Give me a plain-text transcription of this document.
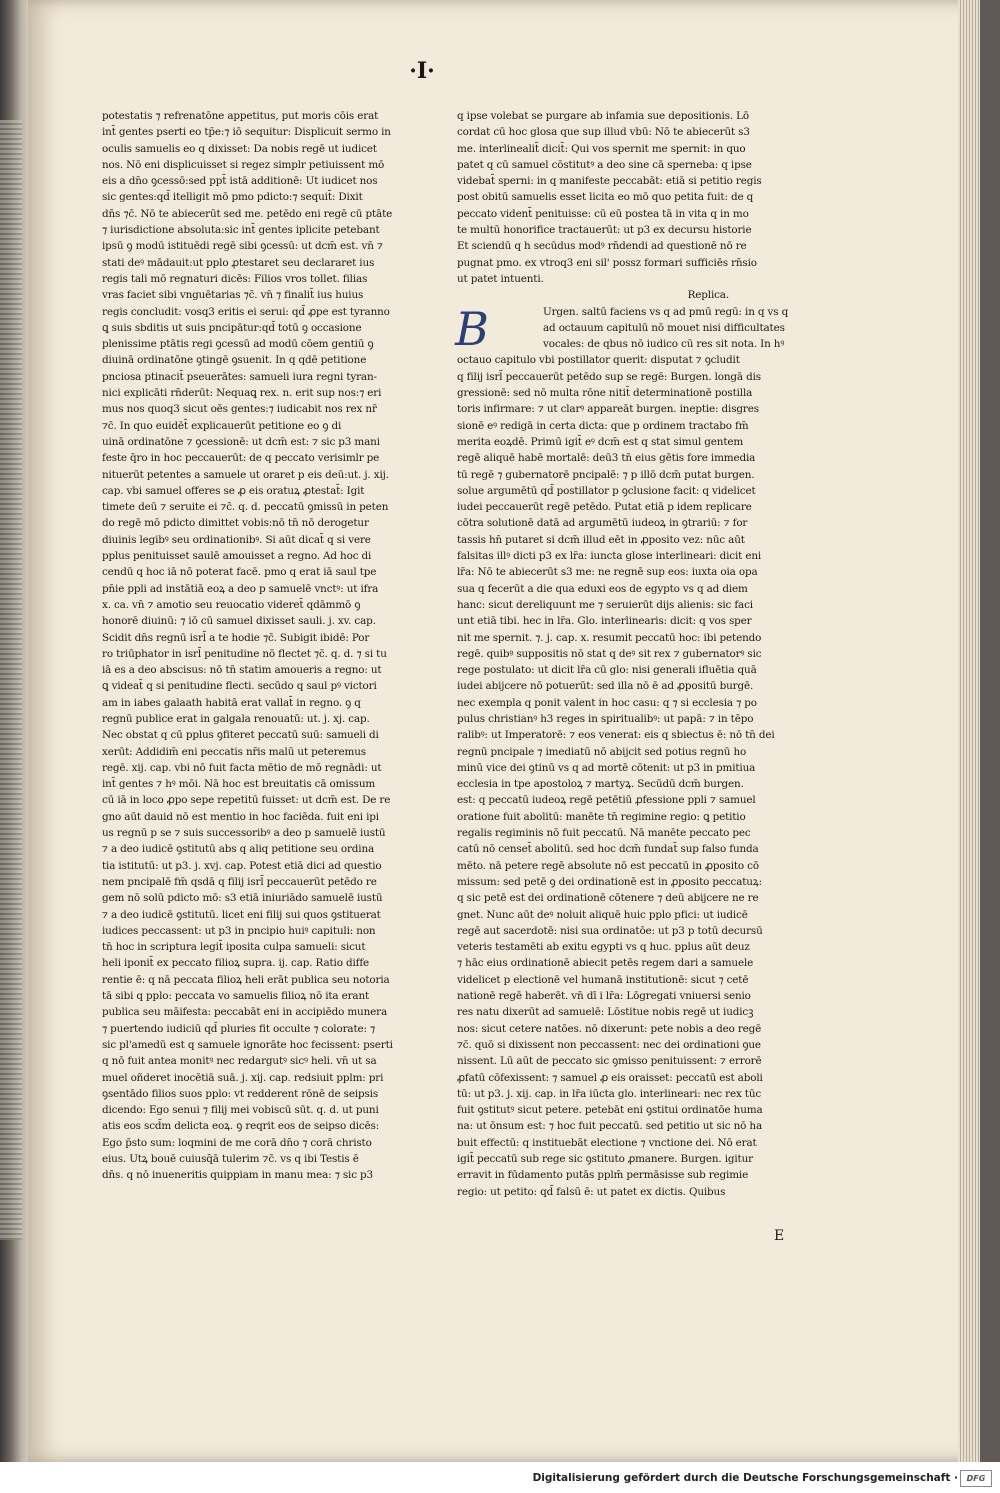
·I·
potestatis ⁊ refrenatōne appetitus, put moris cōis erat
int̄ gentes pserti eo tp̄e:⁊ iō sequitur: Displicuit sermo in
oculis samuelis eo q dixisset: Da nobis regē ut iudicet
nos. Nō eni displicuisset si regez simplr petiuissent mō
eis a dn̄o ꝯcessō:sed ppt̄ istā additionē: Ut iudicet nos
sic gentes:qd̄ itelligit mō pmo pdicto:⁊ sequit̄: Dixit
dn̄s ⁊c̄. Nō te abiecerūt sed me. petēdo eni regē cū ptāte
⁊ iurisdictione absoluta:sic int̄ gentes iplicite petebant
ipsū ꝯ modū istituēdi regē sibi ꝯcessū: ut dcm̄ est. vn̄ ⁊
stati deꝰ mādauit:ut pplo ꝓtestaret seu declararet ius
regis tali mō regnaturi dicēs: Filios vros tollet. filias
vras faciet sibi vnguētarias ⁊c̄. vn̄ ⁊ finalit̄ ius huius
regis concludit: vosq3 eritis ei serui: qd̄ ꝓpe est tyranno
ꝗ suis sbditis ut suis pncipātur:qd̄ totū ꝯ occasione
plenissime ptātis regi ꝯcessū ad modū cōem gentiū ꝯ
diuinā ordinatōne ꝯtingē ꝯsuenit. In q qdē petitione
pnciosa ptinacit̄ pseuerātes: samueli iura regni tyran-
nici explicāti rn̄derūt: Nequaꝗ rex. n. erit sup nos:⁊ eri
mus nos quoq3 sicut oēs gentes:⁊ iudicabit nos rex nr̄
⁊c̄. In quo euidēt̄ explicauerūt petitione eo ꝯ di
uinā ordinatōne ⁊ ꝯcessionē: ut dcm̄ est: ⁊ sic p3 mani
feste q̄ro in hoc peccauerūt: de q peccato verisimlr pe
nituerūt petentes a samuele ut oraret p eis deū:ut. j. xij.
cap. vbi samuel offeres se ꝓ eis oratuꝝ ꝓtestat̄: Igit
timete deū ⁊ seruite ei ⁊c̄. q. d. peccatū ꝯmissū in peten
do regē mō pdicto dimittet vobis:nō tn̄ nō derogetur
diuinis legibꝰ seu ordinationibꝰ. Si aūt dicat̄ q si vere
pplus penituisset saulē amouisset a regno. Ad hoc di
cendū q hoc iā nō poterat facē. pmo q erat iā saul tpe
pn̄ie ppli ad instātiā eoꝝ a deo p samuelē vnctꝰ: ut ifra
x. ca. vn̄ ⁊ amotio seu reuocatio videret̄ qdāmmō ꝯ
honorē diuinū: ⁊ iō cū samuel dixisset sauli. j. xv. cap.
Scidit dn̄s regnū isrl̄ a te hodie ⁊c̄. Subigit ibidē: Por
ro triūphator in isrl̄ penitudine nō flectet ⁊c̄. q. d. ⁊ si tu
iā es a deo abscisus: nō tn̄ statim amoueris a regno: ut
ꝗ videat̄ q si penitudine flecti. secūdo q saul pꝰ victori
am in iabes galaath habitā erat vallat̄ in regno. ꝯ q
regnū publice erat in galgala renouatū: ut. j. xj. cap.
Nec obstat q cū pplus ꝯfiteret peccatū suū: samueli di
xerūt: Addidim̄ eni peccatis nr̄is malū ut peteremus
regē. xij. cap. vbi nō fuit facta mētio de mō regnādi: ut
int̄ gentes ⁊ hꝰ mōi. Nā hoc est breuitatis cā omissum
cū iā in loco ꝓpo sepe repetitū fuisset: ut dcm̄ est. De re
gno aūt dauid nō est mentio in hoc faciēda. fuit eni ipi
us regnū p se ⁊ suis successoribꝰ a deo p samuelē iustū
⁊ a deo iudicē ꝯstitutū abs q aliq petitione seu ordina
tia istitutū: ut p3. j. xvj. cap. Potest etiā dici ad questio
nem pncipalē fm̄ qsdā q filij isrl̄ peccauerūt petēdo re
gem nō solū pdicto mō: s3 etiā iniuriādo samuelē iustū
⁊ a deo iudicē ꝯstitutū. licet eni filij sui quos ꝯstituerat
iudices peccassent: ut p3 in pncipio huiꝰ capituli: non
tn̄ hoc in scriptura legit̄ iposita culpa samueli: sicut
heli iponit̄ ex peccato filioꝝ supra. ij. cap. Ratio diffe
rentie ē: q nā peccata filioꝝ heli erāt publica seu notoria
tā sibi q pplo: peccata vo samuelis filioꝝ nō ita erant
publica seu māifesta: peccabāt eni in accipiēdo munera
⁊ puertendo iudiciū qd̄ pluries fit occulte ⁊ colorate: ⁊
sic pl'amedū est q samuele ignorāte hoc fecissent: pserti
q nō fuit antea monitꝰ nec redargutꝰ sicꝰ heli. vn̄ ut sa
muel oñderet inocētiā suā. j. xij. cap. redsiuit pplm: pri
ꝯsentādo filios suos pplo: vt redderent rōnē de seipsis
dicendo: Ego senui ⁊ filij mei vobiscū sūt. q. d. ut puni
atis eos scd̄m delicta eoꝝ. ꝯ reqrit eos de seipso dicēs:
Ego p̄sto sum: loqmini de me corā dn̄o ⁊ corā christo
eius. Utꝝ bouē cuiusq̄ā tulerim ⁊c̄. vs q ibi Testis ē
dn̄s. q nō inueneritis quippiam in manu mea: ⁊ sic p3
q ipse volebat se purgare ab infamia sue depositionis. Lō
cordat cū hoc glosa que sup illud vbū: Nō te abiecerūt s3
me. interlinealit̄ dicit̄: Qui vos spernit me spernit: in quo
patet q cū samuel cōstitutꝰ a deo sine cā sperneba: q ipse
videbat̄ sperni: in q manifeste peccabāt: etiā si petitio regis
post obitū samuelis esset licita eo mō quo petita fuit: de q
peccato vident̄ penituisse: cū eū postea tā in vita q in mo
te multū honorifice tractauerūt: ut p3 ex decursu historie
Et sciendū q h secūdus modꝰ rn̄dendi ad questionē nō re
pugnat pmo. ex vtroq3 eni sil' possz formari sufficiēs rn̄sio
ut patet intuenti.
Replica.
B	Urgen. saltū faciens vs q ad pmū regū: in q vs q
ad octauum capitulū nō mouet nisi difficultates
vocales: de qbus nō iudico cū res sit nota. In hꝰ
octauo capitulo vbi postillator querit: disputat ⁊ ꝯcludit
q filij isrl̄ peccauerūt petēdo sup se regē: Burgen. longā dis
gressionē: sed nō multa rōne nitit̄ determinationē postilla
toris infirmare: ⁊ ut clarꝰ appareāt burgen. ineptie: disgres
sionē eꝰ redigā in certa dicta: que p ordinem tractabo fm̄
merita eoꝝdē. Primū igit̄ eꝰ dcm̄ est q stat simul gentem
regē aliquē habē mortalē: deū3 tn̄ eius gētis fore immedia
tū regē ⁊ gubernatorē pncipalē: ⁊ p illō dcm̄ putat burgen.
solue argumētū qd̄ postillator p ꝯclusione facit: q videlicet
iudei peccauerūt regē petēdo. Putat etiā p idem replicare
cōtra solutionē datā ad argumētū iudeoꝝ in ꝯtrariū: ⁊ for
tassis hn̄ putaret si dcm̄ illud eēt in ꝓposito vez: nūc aūt
falsitas illꝰ dicti p3 ex lr̄a: iuncta glose interlineari: dicit eni
lr̄a: Nō te abiecerūt s3 me: ne regnē sup eos: iuxta oia opa
sua q fecerūt a die qua eduxi eos de egypto vs q ad diem
hanc: sicut dereliquunt me ⁊ seruierūt dijs alienis: sic faci
unt etiā tibi. hec in lr̄a. Glo. interlinearis: dicit: q vos sper
nit me spernit. ⁊. j. cap. x. resumit peccatū hoc: ibi petendo
regē. quibꝰ suppositis nō stat q deꝰ sit rex ⁊ gubernatorꝰ sic
rege postulato: ut dicit lr̄a cū glo: nisi generali ifluētia quā
iudei abijcere nō potuerūt: sed illa nō ē ad ꝓpositū burgē.
nec exempla q ponit valent in hoc casu: q ⁊ si ecclesia ⁊ po
pulus christianꝰ h3 reges in spiritualibꝰ: ut papā: ⁊ in tēpo
ralibꝰ: ut Imperatorē: ⁊ eos venerat: eis q sbiectus ē: nō tn̄ dei
regnū pncipale ⁊ imediatū nō abijcit sed potius regnū ho
minū vice dei ꝯtinū vs q ad mortē cōtenit: ut p3 in pmitiua
ecclesia in tpe apostoloꝝ ⁊ martyꝝ. Secūdū dcm̄ burgen.
est: q peccatū iudeoꝝ regē petētiū ꝓfessione ppli ⁊ samuel
oratione fuit abolitū: manēte tn̄ regimine regio: ꝗ petitio
regalis regiminis nō fuit peccatū. Nā manēte peccato pec
catū nō censet̄ abolitū. sed hoc dcm̄ fundat̄ sup falso funda
mēto. nā petere regē absolute nō est peccatū in ꝓposito cō
missum: sed petē ꝯ dei ordinationē est in ꝓposito peccatuꝝ:
q sic petē est dei ordinationē cōtenere ⁊ deū abijcere ne re
gnet. Nunc aūt deꝰ noluit aliquē huic pplo pfici: ut iudicē
regē aut sacerdotē: nisi sua ordinatōe: ut p3 p totū decursū
veteris testamēti ab exitu egypti vs q huc. pplus aūt deuz
⁊ hāc eius ordinationē abiecit petēs regem dari a samuele
videlicet p electionē vel humanā institutionē: sicut ⁊ cetē
nationē regē haberēt. vn̄ dī i lr̄a: Lōgregati vniuersi senio
res natu dixerūt ad samuelē: Lōstitue nobis regē ut iudicꝫ
nos: sicut cetere natōes. nō dixerunt: pete nobis a deo regē
⁊c̄. quō si dixissent non peccassent: nec dei ordinationi ꝯue
nissent. Lū aūt de peccato sic ꝯmisso penituissent: ⁊ errorē
ꝓfatū cōfexissent: ⁊ samuel ꝓ eis oraisset: peccatū est aboli
tū: ut p3. j. xij. cap. in lr̄a iūcta glo. interlineari: nec rex tūc
fuit ꝯstitutꝰ sicut petere. petebāt eni ꝯstitui ordinatōe huma
na: ut ōnsum est: ⁊ hoc fuit peccatū. sed petitio ut sic nō ha
buit effectū: q instituebāt electione ⁊ vnctione dei. Nō erat
igit̄ peccatū sub rege sic ꝯstituto ꝓmanere. Burgen. igitur
erravit in fūdamento putās pplm̄ permāsisse sub regimie
regio: ut petito: qd̄ falsū ē: ut patet ex dictis. Quibus
E
Digitalisierung gefördert durch die Deutsche Forschungsgemeinschaft ·	DFG
